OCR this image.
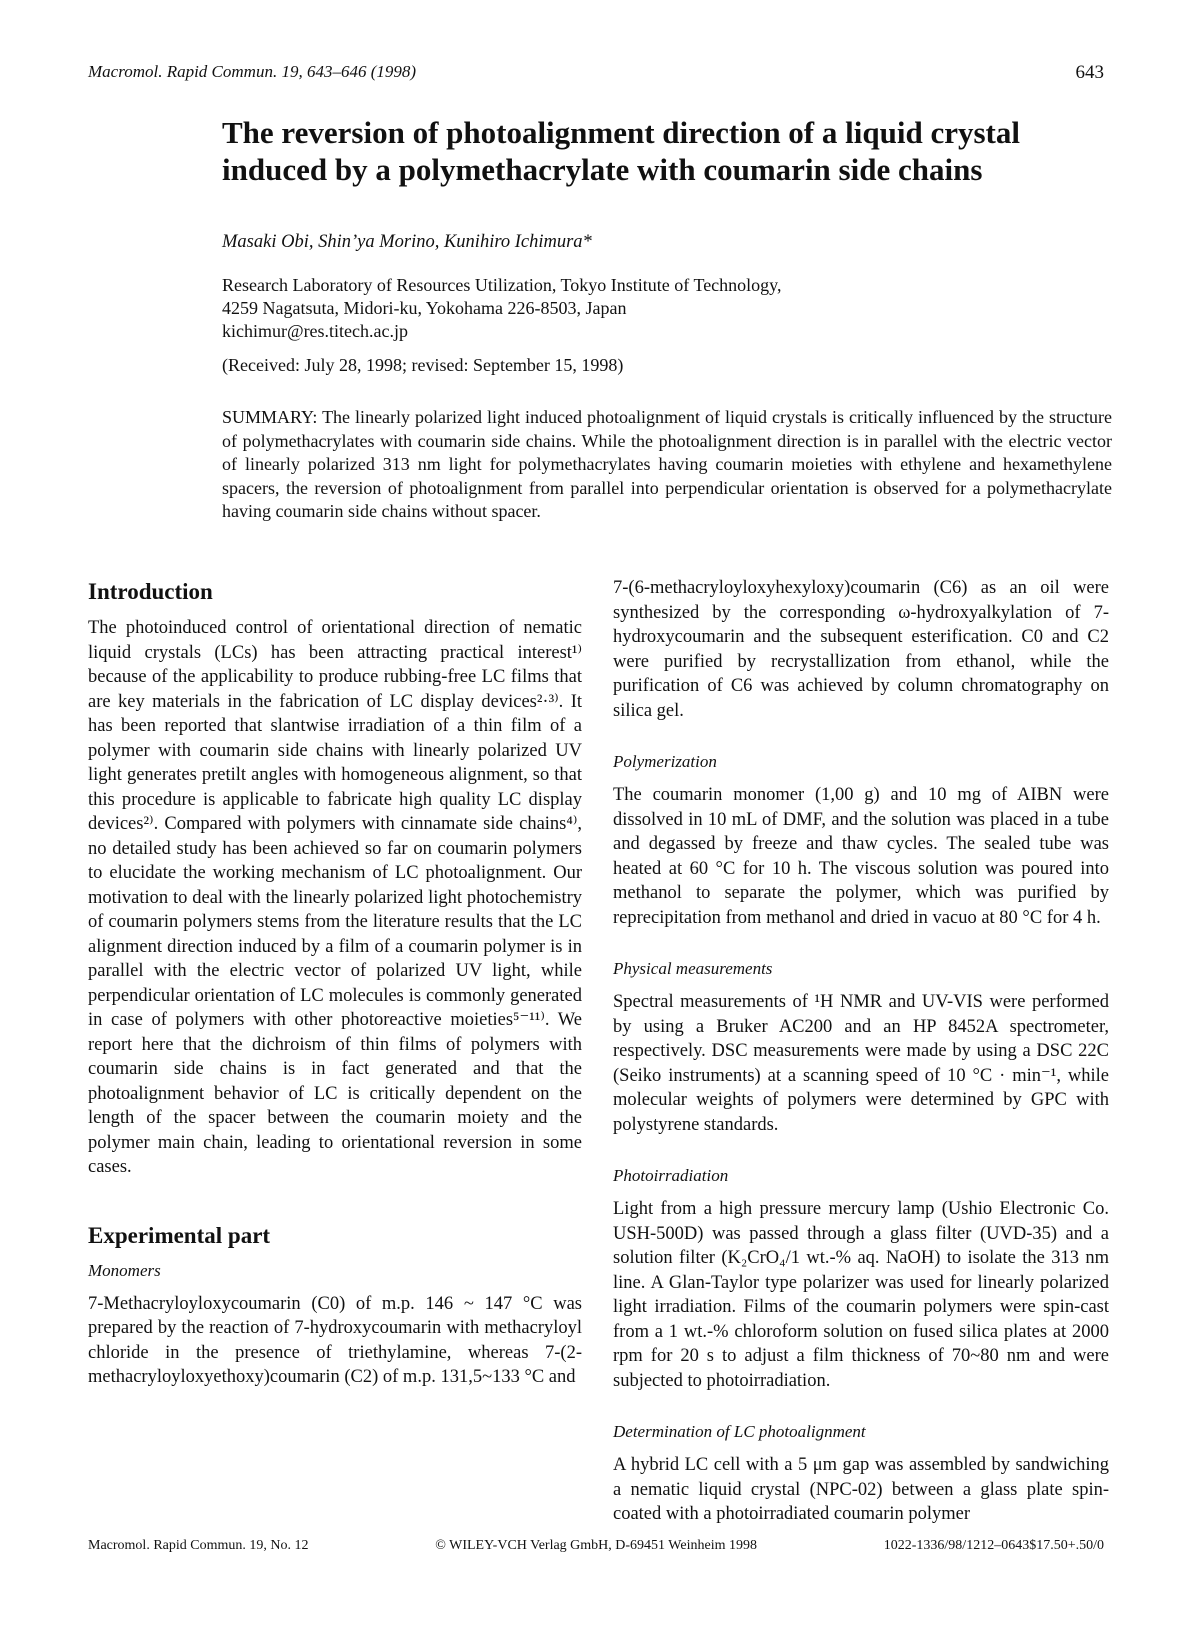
Macromol. Rapid Commun. 19, 643–646 (1998)	643
The reversion of photoalignment direction of a liquid crystal induced by a polymethacrylate with coumarin side chains
Masaki Obi, Shin’ya Morino, Kunihiro Ichimura*
Research Laboratory of Resources Utilization, Tokyo Institute of Technology,
4259 Nagatsuta, Midori-ku, Yokohama 226-8503, Japan
kichimur@res.titech.ac.jp
(Received: July 28, 1998; revised: September 15, 1998)

SUMMARY: The linearly polarized light induced photoalignment of liquid crystals is critically influenced by the structure of polymethacrylates with coumarin side chains. While the photoalignment direction is in parallel with the electric vector of linearly polarized 313 nm light for polymethacrylates having coumarin moieties with ethylene and hexamethylene spacers, the reversion of photoalignment from parallel into perpendicular orientation is observed for a polymethacrylate having coumarin side chains without spacer.

Introduction

The photoinduced control of orientational direction of nematic liquid crystals (LCs) has been attracting practical interest¹⁾ because of the applicability to produce rubbing-free LC films that are key materials in the fabrication of LC display devices²·³⁾. It has been reported that slantwise irradiation of a thin film of a polymer with coumarin side chains with linearly polarized UV light generates pretilt angles with homogeneous alignment, so that this procedure is applicable to fabricate high quality LC display devices²⁾. Compared with polymers with cinnamate side chains⁴⁾, no detailed study has been achieved so far on coumarin polymers to elucidate the working mechanism of LC photoalignment. Our motivation to deal with the linearly polarized light photochemistry of coumarin polymers stems from the literature results that the LC alignment direction induced by a film of a coumarin polymer is in parallel with the electric vector of polarized UV light, while perpendicular orientation of LC molecules is commonly generated in case of polymers with other photoreactive moieties⁵⁻¹¹⁾. We report here that the dichroism of thin films of polymers with coumarin side chains is in fact generated and that the photoalignment behavior of LC is critically dependent on the length of the spacer between the coumarin moiety and the polymer main chain, leading to orientational reversion in some cases.

Experimental part
Monomers

7-Methacryloyloxycoumarin (C0) of m.p. 146 ~ 147 °C was prepared by the reaction of 7-hydroxycoumarin with methacryloyl chloride in the presence of triethylamine, whereas 7-(2-methacryloyloxyethoxy)coumarin (C2) of m.p. 131,5~133 °C and

7-(6-methacryloyloxyhexyloxy)coumarin (C6) as an oil were synthesized by the corresponding ω-hydroxyalkylation of 7-hydroxycoumarin and the subsequent esterification. C0 and C2 were purified by recrystallization from ethanol, while the purification of C6 was achieved by column chromatography on silica gel.

Polymerization

The coumarin monomer (1,00 g) and 10 mg of AIBN were dissolved in 10 mL of DMF, and the solution was placed in a tube and degassed by freeze and thaw cycles. The sealed tube was heated at 60 °C for 10 h. The viscous solution was poured into methanol to separate the polymer, which was purified by reprecipitation from methanol and dried in vacuo at 80 °C for 4 h.

Physical measurements

Spectral measurements of ¹H NMR and UV-VIS were performed by using a Bruker AC200 and an HP 8452A spectrometer, respectively. DSC measurements were made by using a DSC 22C (Seiko instruments) at a scanning speed of 10 °C · min⁻¹, while molecular weights of polymers were determined by GPC with polystyrene standards.

Photoirradiation

Light from a high pressure mercury lamp (Ushio Electronic Co. USH-500D) was passed through a glass filter (UVD-35) and a solution filter (K₂CrO₄/1 wt.-% aq. NaOH) to isolate the 313 nm line. A Glan-Taylor type polarizer was used for linearly polarized light irradiation. Films of the coumarin polymers were spin-cast from a 1 wt.-% chloroform solution on fused silica plates at 2000 rpm for 20 s to adjust a film thickness of 70~80 nm and were subjected to photoirradiation.

Determination of LC photoalignment

A hybrid LC cell with a 5 μm gap was assembled by sandwiching a nematic liquid crystal (NPC-02) between a glass plate spin-coated with a photoirradiated coumarin polymer

Macromol. Rapid Commun. 19, No. 12	© WILEY-VCH Verlag GmbH, D-69451 Weinheim 1998	1022-1336/98/1212–0643$17.50+.50/0
